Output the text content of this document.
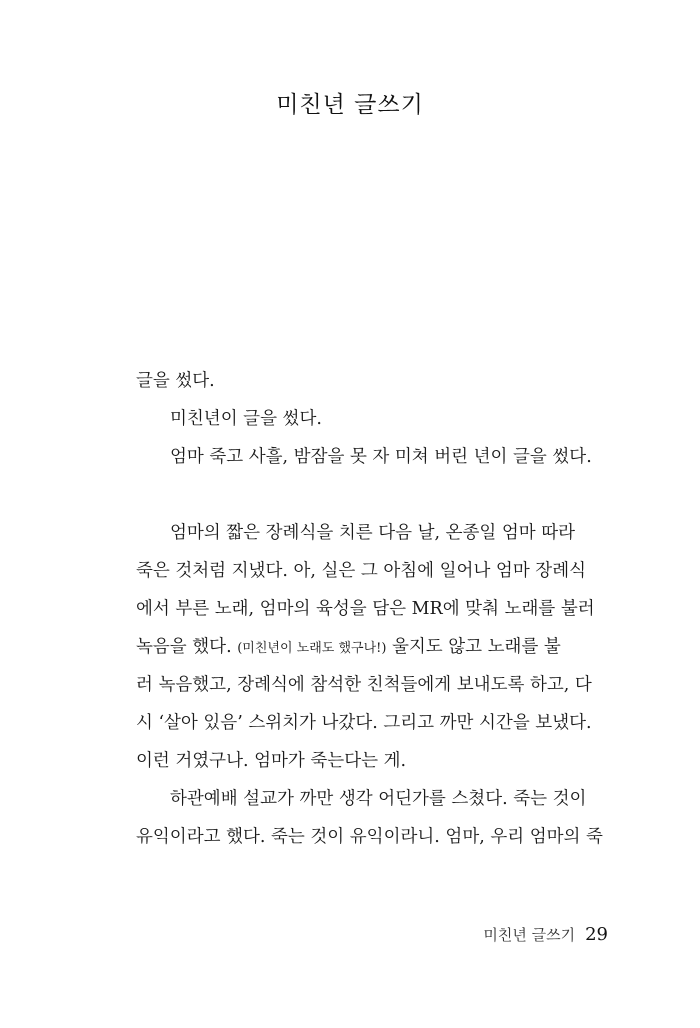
미친년 글쓰기
글을 썼다.
미친년이 글을 썼다.
엄마 죽고 사흘, 밤잠을 못 자 미쳐 버린 년이 글을 썼다.
엄마의 짧은 장례식을 치른 다음 날, 온종일 엄마 따라
죽은 것처럼 지냈다. 아, 실은 그 아침에 일어나 엄마 장례식
에서 부른 노래, 엄마의 육성을 담은 MR에 맞춰 노래를 불러
녹음을 했다. (미친년이 노래도 했구나!) 울지도 않고 노래를 불
러 녹음했고, 장례식에 참석한 친척들에게 보내도록 하고, 다
시 ‘살아 있음’ 스위치가 나갔다. 그리고 까만 시간을 보냈다.
이런 거였구나. 엄마가 죽는다는 게.
하관예배 설교가 까만 생각 어딘가를 스쳤다. 죽는 것이
유익이라고 했다. 죽는 것이 유익이라니. 엄마, 우리 엄마의 죽
미친년 글쓰기 29
